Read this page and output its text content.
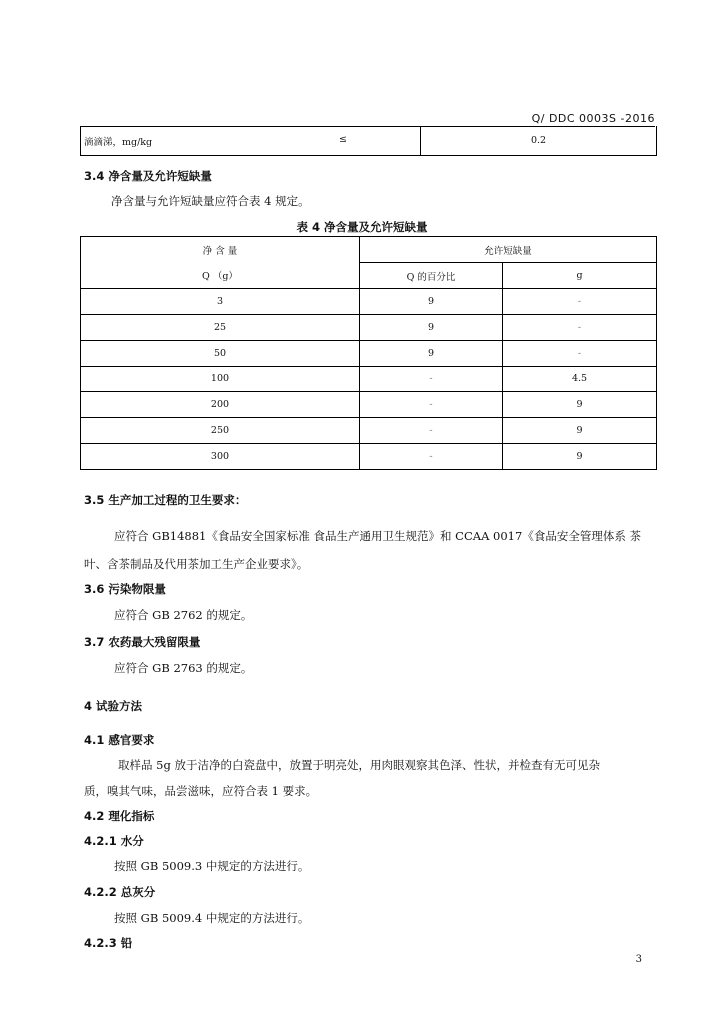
Q/ DDC 0003S -2016
滴滴涕，mg/kg	≤	0.2
3.4 净含量及允许短缺量
净含量与允许短缺量应符合表 4 规定。
表 4 净含量及允许短缺量
净 含 量	允许短缺量	
Q （g）	Q 的百分比	g
3	9	-
25	9	-
50	9	-
100	-	4.5
200	-	9
250	-	9
300	-	9
3.5 生产加工过程的卫生要求：
应符合 GB14881《食品安全国家标准 食品生产通用卫生规范》和 CCAA 0017《食品安全管理体系 茶
叶、含茶制品及代用茶加工生产企业要求》。
3.6 污染物限量
应符合 GB 2762 的规定。
3.7 农药最大残留限量
应符合 GB 2763 的规定。
4 试验方法
4.1 感官要求
取样品 5g 放于洁净的白瓷盘中，放置于明亮处，用肉眼观察其色泽、性状，并检查有无可见杂
质，嗅其气味，品尝滋味，应符合表 1 要求。
4.2 理化指标
4.2.1 水分
按照 GB 5009.3 中规定的方法进行。
4.2.2 总灰分
按照 GB 5009.4 中规定的方法进行。
4.2.3 铅
3
